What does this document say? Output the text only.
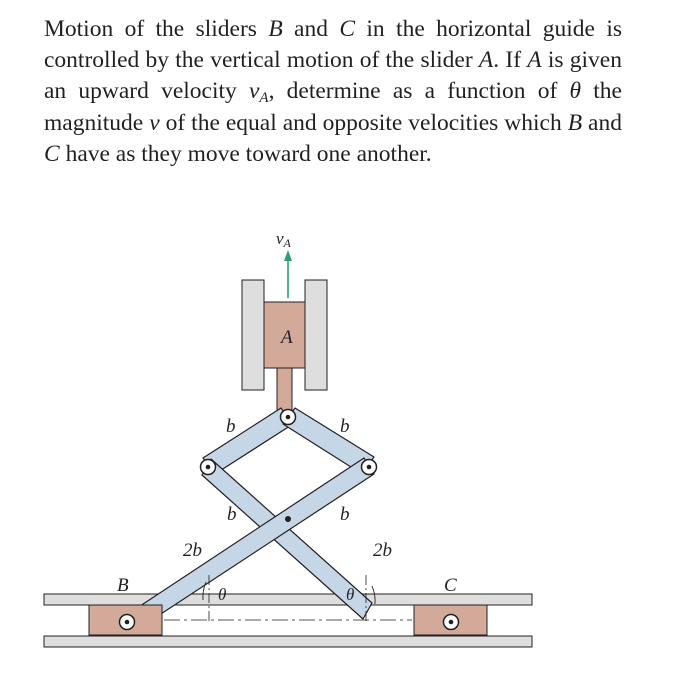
Motion of the sliders B and C in the horizontal guide is controlled by the vertical motion of the slider A. If A is given an upward velocity $v_A$, determine as a function of θ the magnitude v of the equal and opposite velocities which B and C have as they move toward one another.

vA
A
B	C
b	b
b	b
2b	2b
θ	θ
